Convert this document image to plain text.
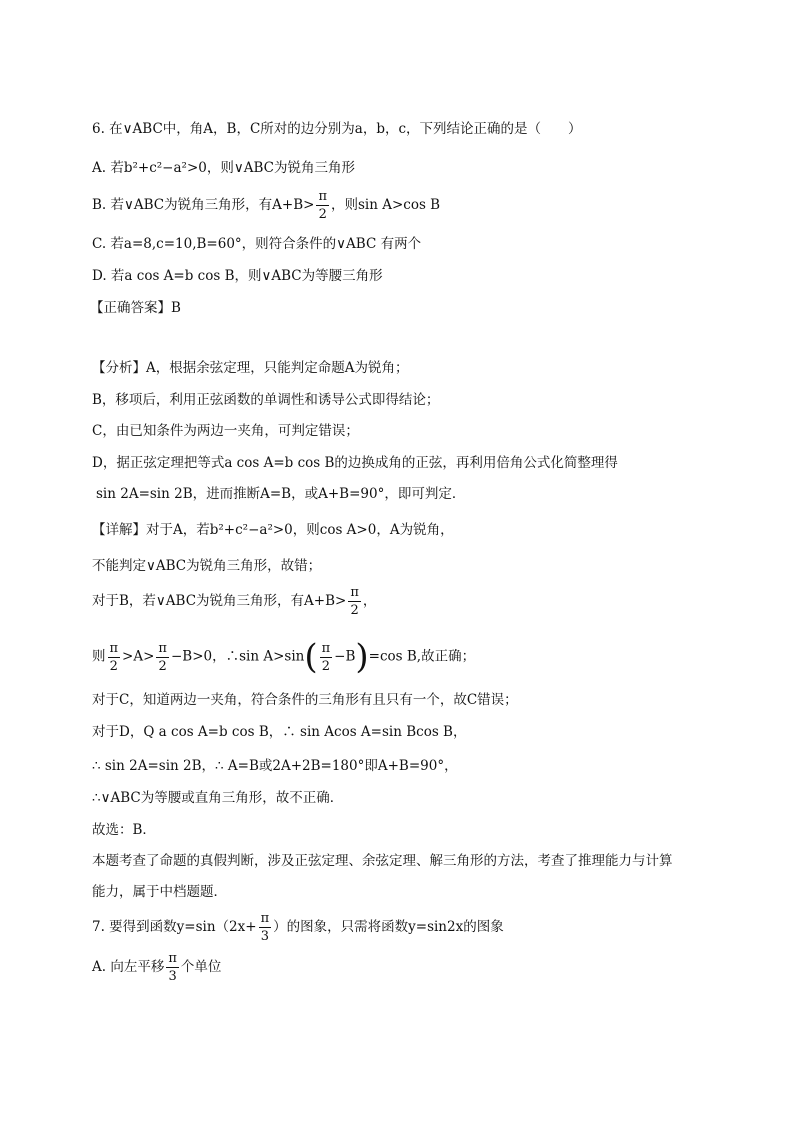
6. 在∨ABC中，角A，B，C所对的边分别为a，b，c，下列结论正确的是（　　）
A. 若b²+c²−a²>0，则∨ABC为锐角三角形
B. 若∨ABC为锐角三角形，有$A+B> \frac{\pi}{2}$ ，则sin A>cos B
C. 若a=8,c=10,B=60°，则符合条件的∨ABC 有两个
D. 若a cos A=b cos B，则∨ABC为等腰三角形
【正确答案】B
【分析】A，根据余弦定理，只能判定命题A为锐角；
B，移项后，利用正弦函数的单调性和诱导公式即得结论；
C，由已知条件为两边一夹角，可判定错误；
D，据正弦定理把等式a cos A=b cos B的边换成角的正弦，再利用倍角公式化简整理得
sin 2A=sin 2B，进而推断A=B，或A+B=90°，即可判定．
【详解】对于A，若b²+c²−a²>0，则cos A>0，A为锐角，
不能判定∨ABC为锐角三角形，故错；
对于B，若∨ABC为锐角三角形，有$A+B> \frac{\pi}{2}$ ，
则 $\frac{\pi}{2} >A> \frac{\pi}{2} -B>0$，∴sin $A>\sin( \frac{\pi}{2} -B)=\cos$ B,故正确；
对于C，知道两边一夹角，符合条件的三角形有且只有一个，故C错误；
对于D，Q a cos A=b cos B，∴ sin Acos A=sin Bcos B，
∴ sin 2A=sin 2B，∴ A=B或2A+2B=180°即A+B=90°，
∴∨ABC为等腰或直角三角形，故不正确．
故选：B．
本题考查了命题的真假判断，涉及正弦定理、余弦定理、解三角形的方法，考查了推理能力与计算
能力，属于中档题题．
7. 要得到函数$y=\sin(2x+ \frac{\pi}{3}$ ）的图象，只需将函数y=sin2x的图象
A. 向左平移 $\frac{\pi}{3}$ 个单位
